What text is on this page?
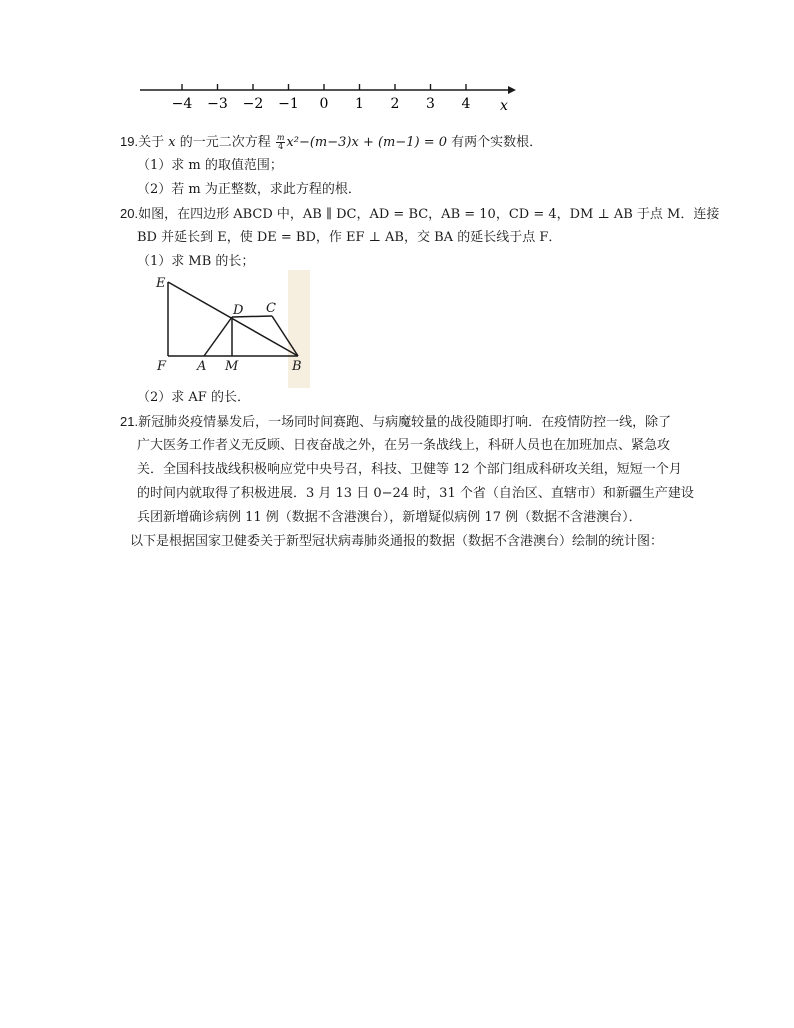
−4 −3 −2 −1 0 1 2 3 4 x
19.关于 x 的一元二次方程 $\frac{m}{4} x^2-(m-3)x + (m-1) = 0$ 有两个实数根．
（1）求 m 的取值范围；
（2）若 m 为正整数，求此方程的根．
20.如图，在四边形 ABCD 中，AB ∥ DC，AD = BC，AB = 10，CD = 4，DM ⊥ AB 于点 M．连接
BD 并延长到 E，使 DE = BD，作 EF ⊥ AB，交 BA 的延长线于点 F．
（1）求 MB 的长；
E
D C
F A M	B
（2）求 AF 的长．
21.新冠肺炎疫情暴发后，一场同时间赛跑、与病魔较量的战役随即打响．在疫情防控一线，除了
广大医务工作者义无反顾、日夜奋战之外，在另一条战线上，科研人员也在加班加点、紧急攻
关．全国科技战线积极响应党中央号召，科技、卫健等 12 个部门组成科研攻关组，短短一个月
的时间内就取得了积极进展．3 月 13 日 0−24 时，31 个省（自治区、直辖市）和新疆生产建设
兵团新增确诊病例 11 例（数据不含港澳台），新增疑似病例 17 例（数据不含港澳台）．
以下是根据国家卫健委关于新型冠状病毒肺炎通报的数据（数据不含港澳台）绘制的统计图：
